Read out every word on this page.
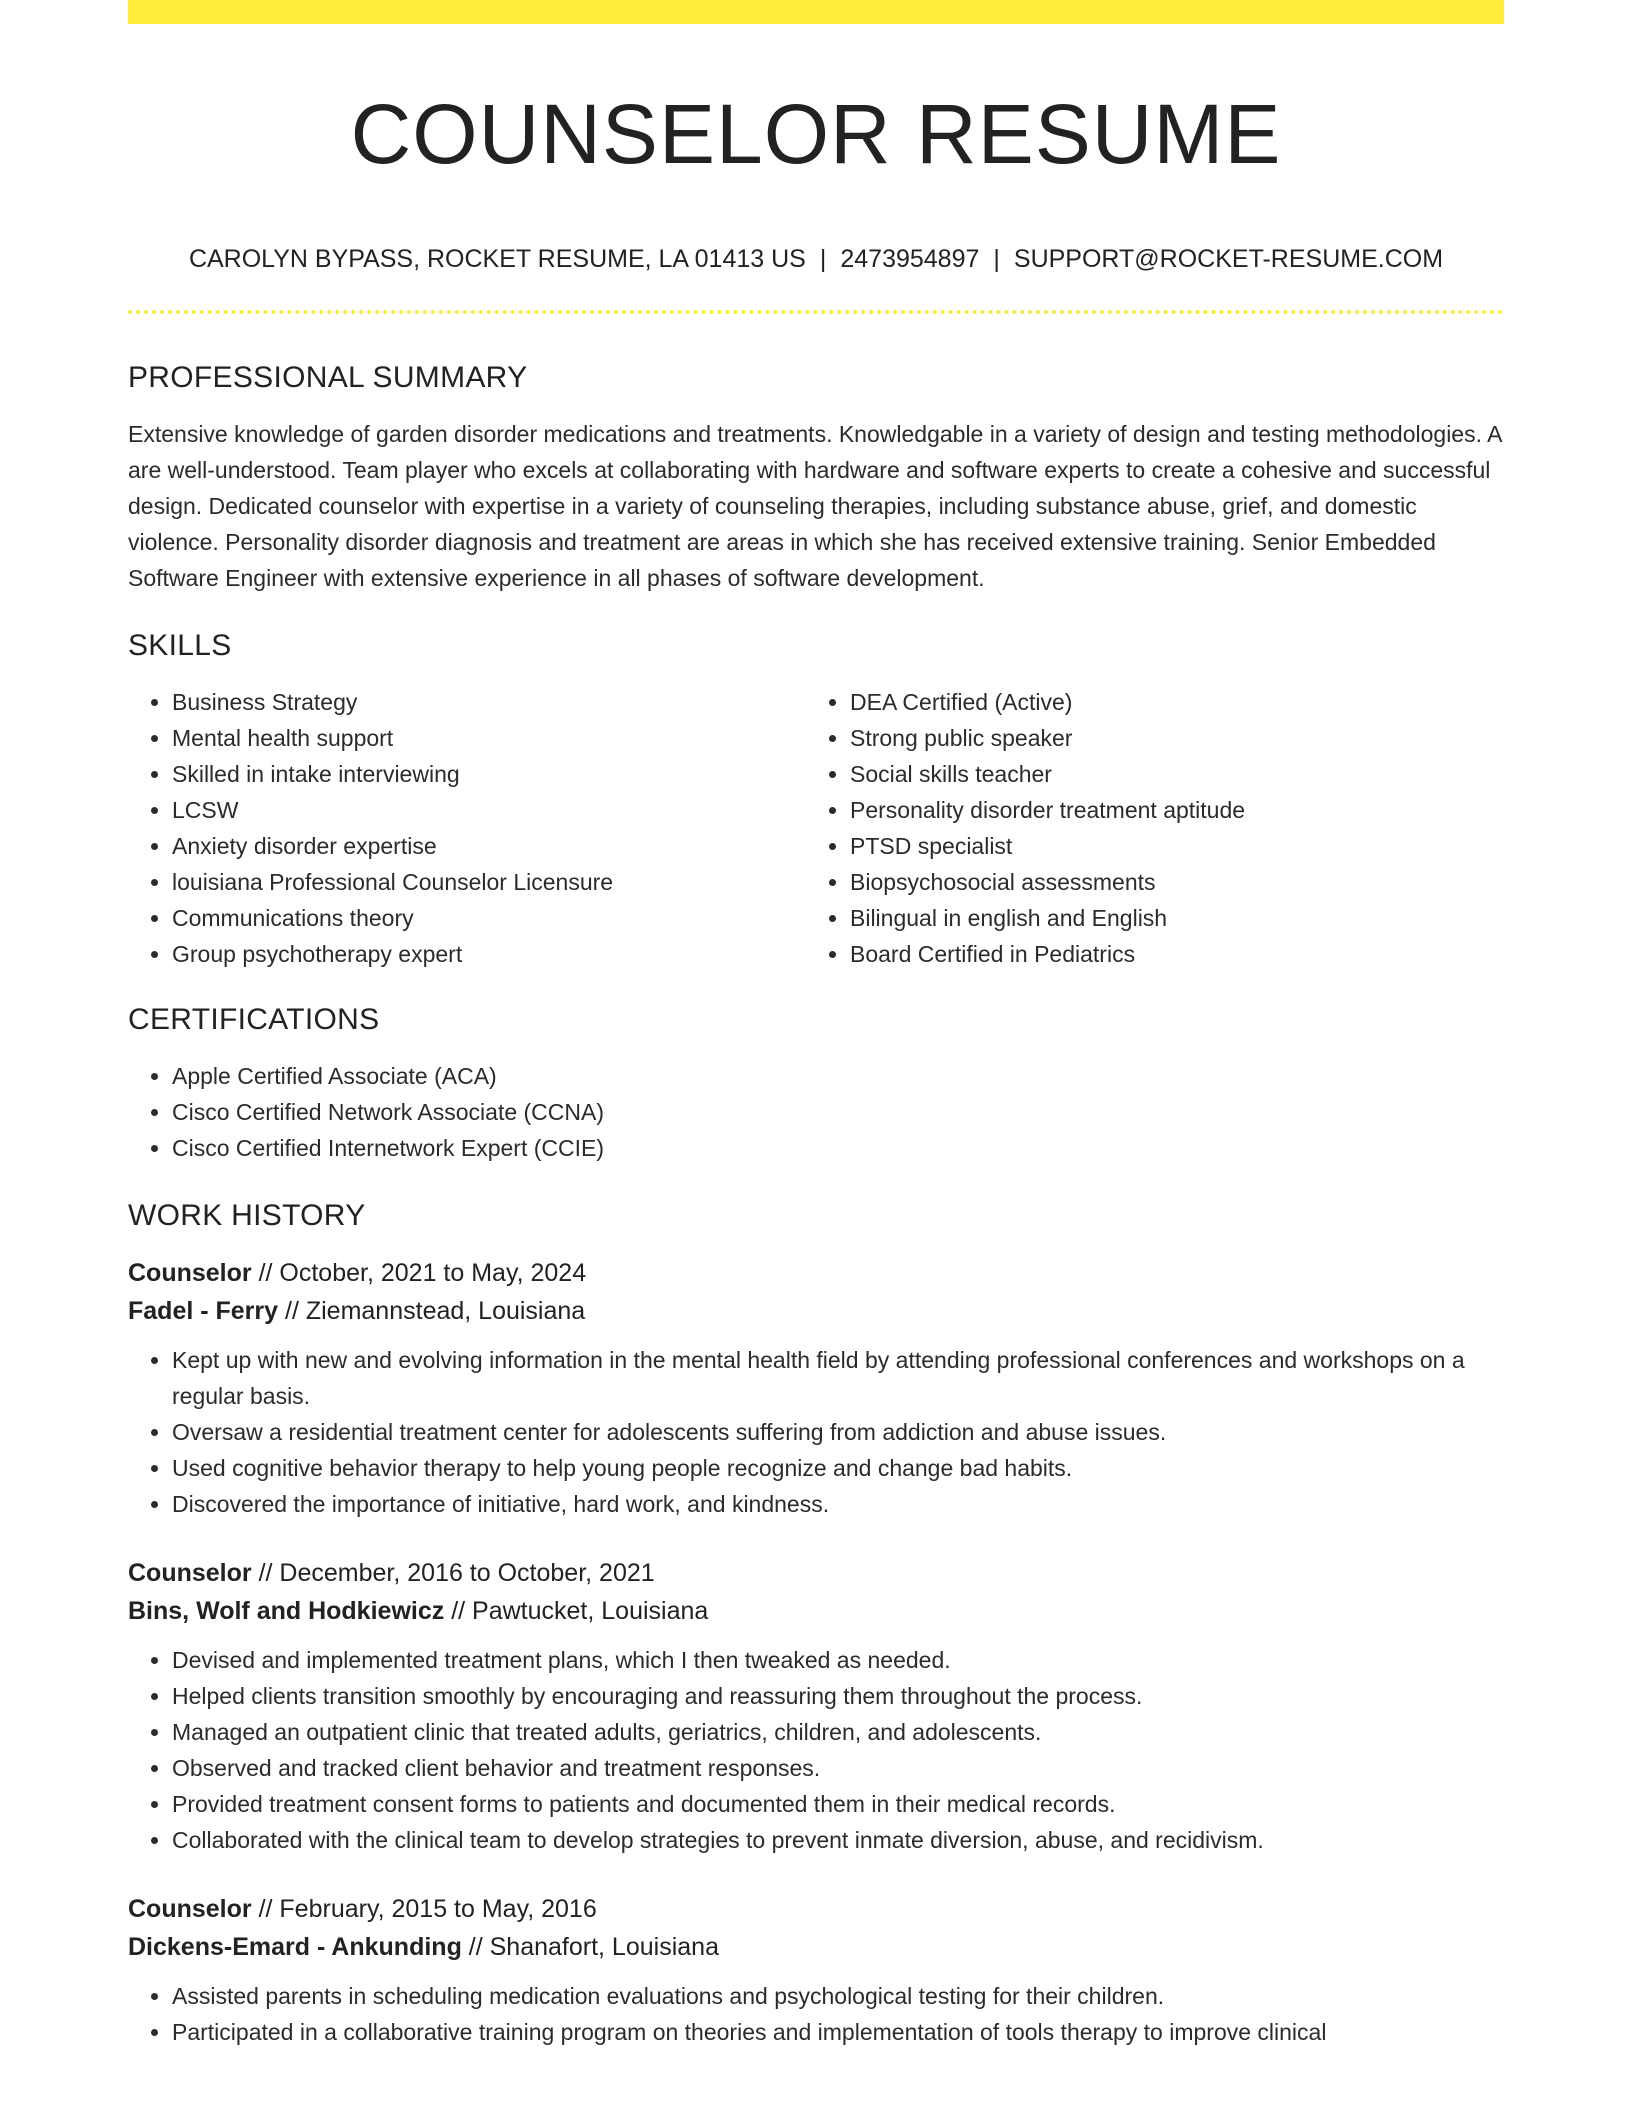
COUNSELOR RESUME
CAROLYN BYPASS, ROCKET RESUME, LA 01413 US | 2473954897 | SUPPORT@ROCKET-RESUME.COM
PROFESSIONAL SUMMARY

Extensive knowledge of garden disorder medications and treatments. Knowledgable in a variety of design and testing methodologies. A are well-understood. Team player who excels at collaborating with hardware and software experts to create a cohesive and successful design. Dedicated counselor with expertise in a variety of counseling therapies, including substance abuse, grief, and domestic violence. Personality disorder diagnosis and treatment are areas in which she has received extensive training. Senior Embedded Software Engineer with extensive experience in all phases of software development.

SKILLS
• Business Strategy
• Mental health support
• Skilled in intake interviewing
• LCSW
• Anxiety disorder expertise
• louisiana Professional Counselor Licensure
• Communications theory
• Group psychotherapy expert
• DEA Certified (Active)
• Strong public speaker
• Social skills teacher
• Personality disorder treatment aptitude
• PTSD specialist
• Biopsychosocial assessments
• Bilingual in english and English
• Board Certified in Pediatrics
CERTIFICATIONS
• Apple Certified Associate (ACA)
• Cisco Certified Network Associate (CCNA)
• Cisco Certified Internetwork Expert (CCIE)
WORK HISTORY
Counselor // October, 2021 to May, 2024
Fadel - Ferry // Ziemannstead, Louisiana
• Kept up with new and evolving information in the mental health field by attending professional conferences and workshops on a regular basis.
• Oversaw a residential treatment center for adolescents suffering from addiction and abuse issues.
• Used cognitive behavior therapy to help young people recognize and change bad habits.
• Discovered the importance of initiative, hard work, and kindness.
Counselor // December, 2016 to October, 2021
Bins, Wolf and Hodkiewicz // Pawtucket, Louisiana
• Devised and implemented treatment plans, which I then tweaked as needed.
• Helped clients transition smoothly by encouraging and reassuring them throughout the process.
• Managed an outpatient clinic that treated adults, geriatrics, children, and adolescents.
• Observed and tracked client behavior and treatment responses.
• Provided treatment consent forms to patients and documented them in their medical records.
• Collaborated with the clinical team to develop strategies to prevent inmate diversion, abuse, and recidivism.
Counselor // February, 2015 to May, 2016
Dickens-Emard - Ankunding // Shanafort, Louisiana
• Assisted parents in scheduling medication evaluations and psychological testing for their children.
• Participated in a collaborative training program on theories and implementation of tools therapy to improve clinical
